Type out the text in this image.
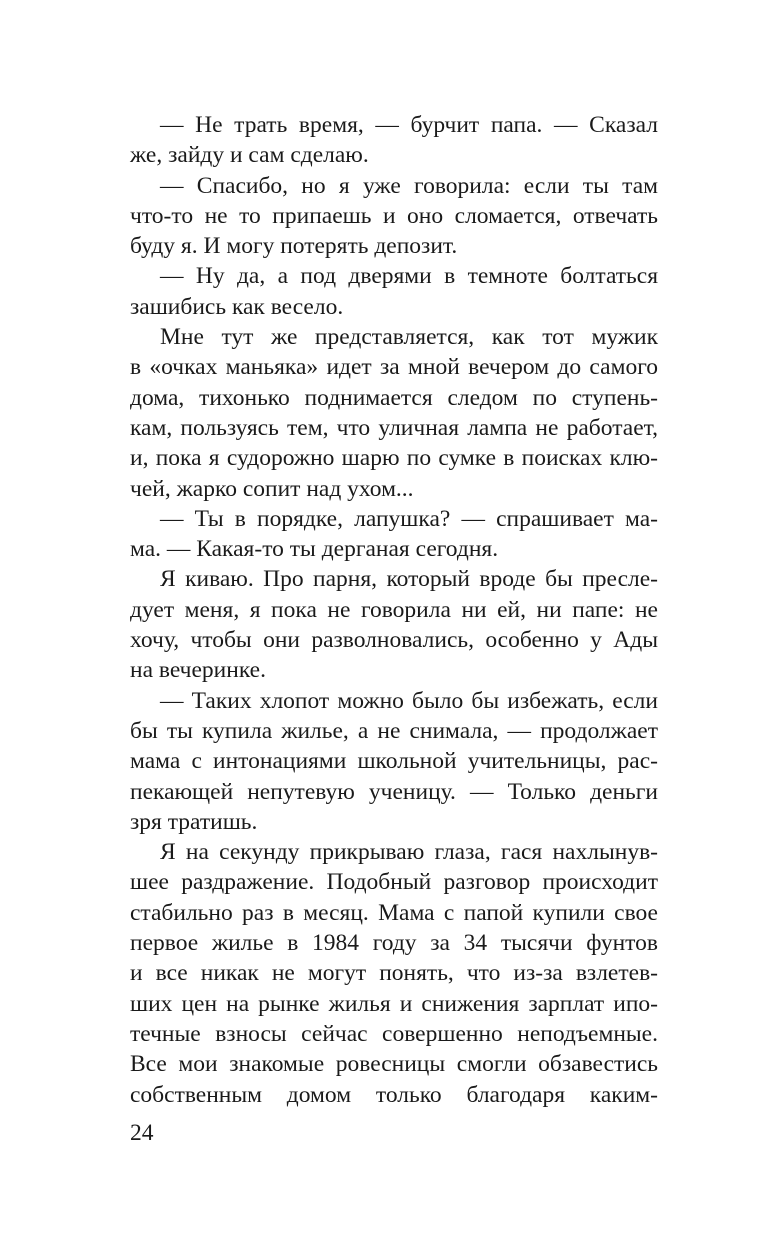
— Не трать время, — бурчит папа. — Сказал
же, зайду и сам сделаю.
— Спасибо, но я уже говорила: если ты там
что-то не то припаешь и оно сломается, отвечать
буду я. И могу потерять депозит.
— Ну да, а под дверями в темноте болтаться
зашибись как весело.
Мне тут же представляется, как тот мужик
в «очках маньяка» идет за мной вечером до самого
дома, тихонько поднимается следом по ступень-
кам, пользуясь тем, что уличная лампа не работает,
и, пока я судорожно шарю по сумке в поисках клю-
чей, жарко сопит над ухом...
— Ты в порядке, лапушка? — спрашивает ма-
ма. — Какая-то ты дерганая сегодня.
Я киваю. Про парня, который вроде бы пресле-
дует меня, я пока не говорила ни ей, ни папе: не
хочу, чтобы они разволновались, особенно у Ады
на вечеринке.
— Таких хлопот можно было бы избежать, если
бы ты купила жилье, а не снимала, — продолжает
мама с интонациями школьной учительницы, рас-
пекающей непутевую ученицу. — Только деньги
зря тратишь.
Я на секунду прикрываю глаза, гася нахлынув-
шее раздражение. Подобный разговор происходит
стабильно раз в месяц. Мама с папой купили свое
первое жилье в 1984 году за 34 тысячи фунтов
и все никак не могут понять, что из-за взлетев-
ших цен на рынке жилья и снижения зарплат ипо-
течные взносы сейчас совершенно неподъемные.
Все мои знакомые ровесницы смогли обзавестись
собственным домом только благодаря каким-
24
